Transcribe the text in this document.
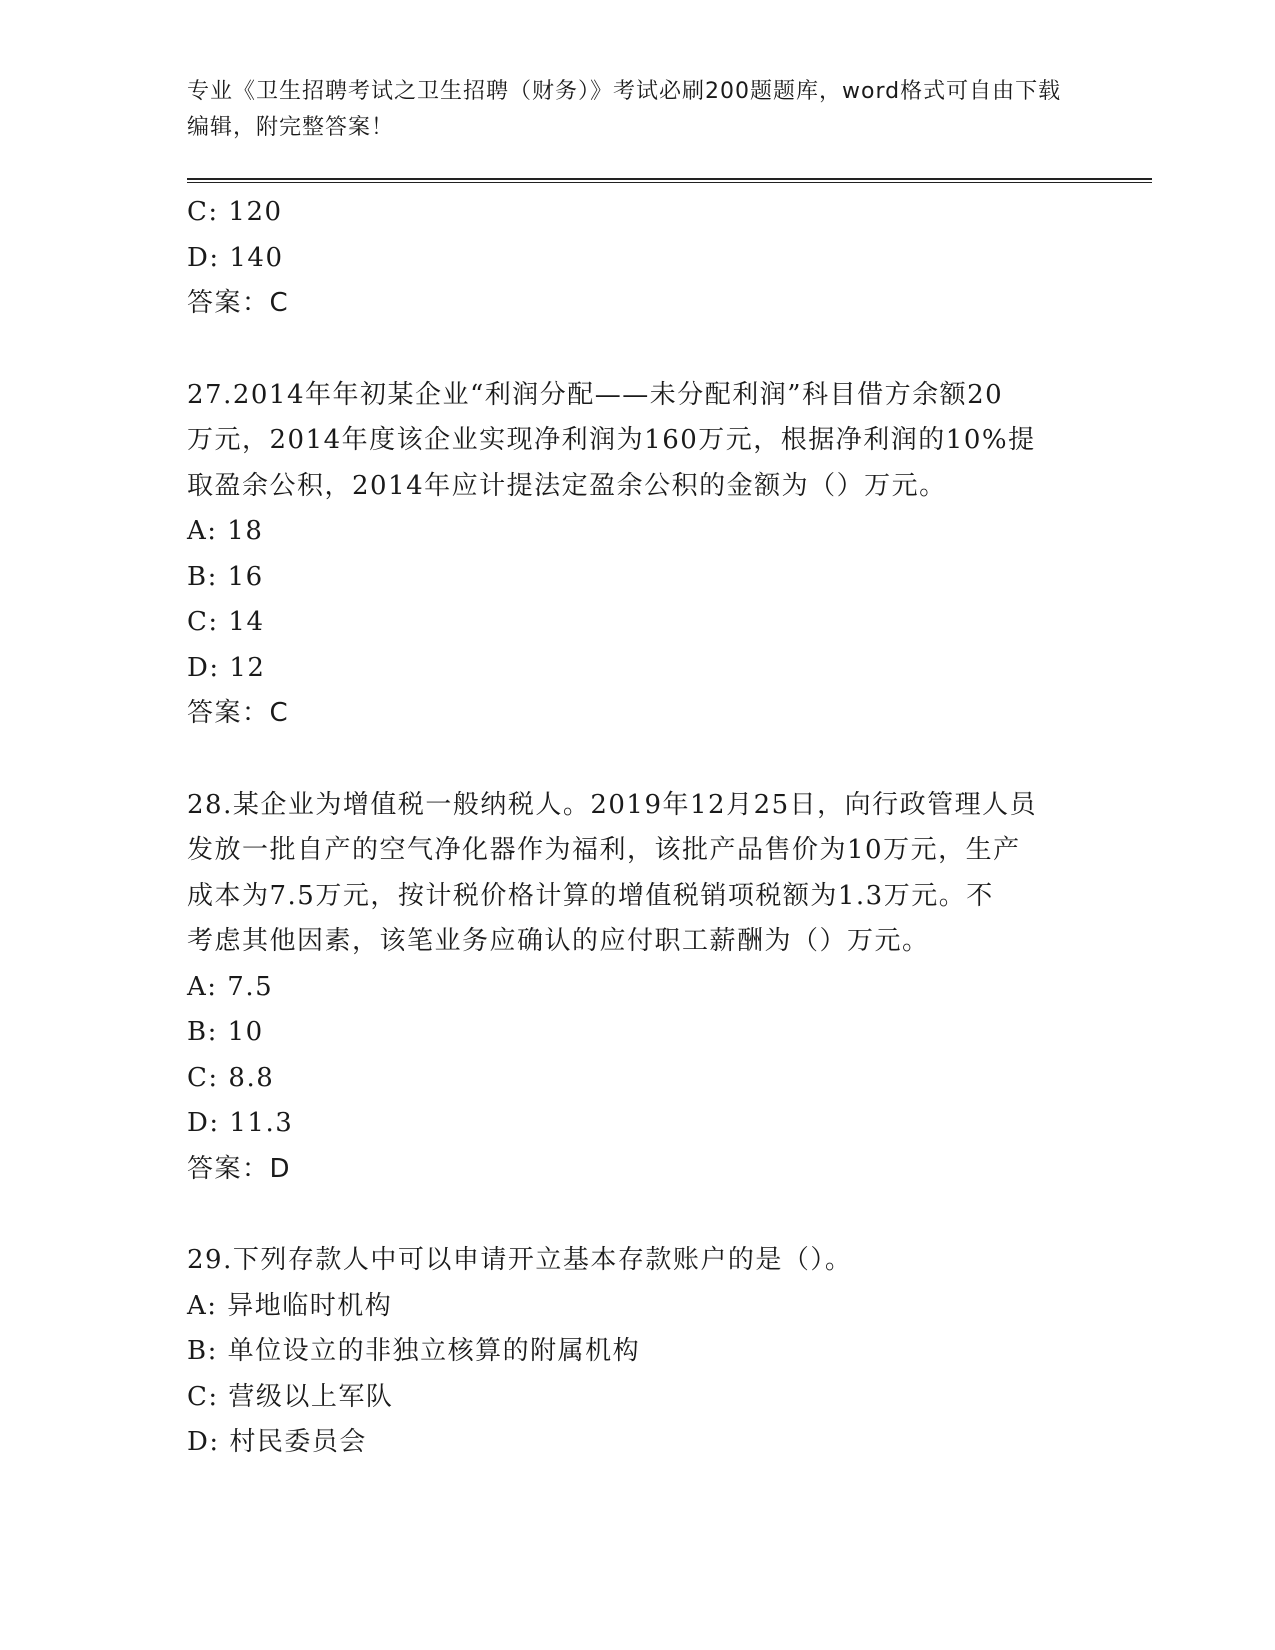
专业《卫生招聘考试之卫生招聘（财务）》考试必刷200题题库，word格式可自由下载编辑，附完整答案！

C: 120

D: 140

答案：C

27.2014年年初某企业“利润分配——未分配利润”科目借方余额20

万元，2014年度该企业实现净利润为160万元，根据净利润的10%提

取盈余公积，2014年应计提法定盈余公积的金额为（）万元。

A: 18

B: 16

C: 14

D: 12

答案：C

28.某企业为增值税一般纳税人。2019年12月25日，向行政管理人员

发放一批自产的空气净化器作为福利，该批产品售价为10万元，生产

成本为7.5万元，按计税价格计算的增值税销项税额为1.3万元。不

考虑其他因素，该笔业务应确认的应付职工薪酬为（）万元。

A: 7.5

B: 10

C: 8.8

D: 11.3

答案：D

29.下列存款人中可以申请开立基本存款账户的是（）。

A: 异地临时机构

B: 单位设立的非独立核算的附属机构

C: 营级以上军队

D: 村民委员会
